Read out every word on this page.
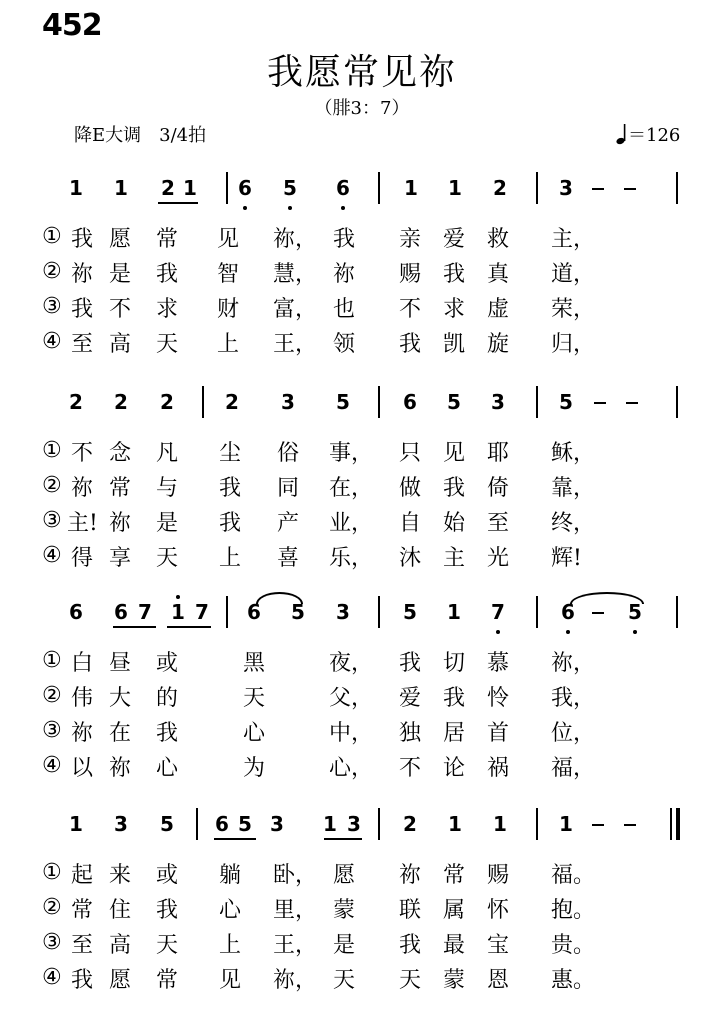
452
我愿常见祢
（腓3：7）
降E大调　3/4拍	＝126
1 1 2 1 6 5 6	1 1 2	3
① 我 愿 常 见 祢， 我 亲 爱 救 主，
② 祢 是 我 智 慧， 祢 赐 我 真 道，
③ 我 不 求 财 富， 也 不 求 虚 荣，
④ 至 高 天 上 王， 领 我 凯 旋 归，
2 2 2	2 3 5	6 5 3	5
① 不 念 凡 尘 俗 事， 只 见 耶 稣，
② 祢 常 与 我 同 在， 做 我 倚 靠，
③ 主! 祢 是 我 产 业， 自 始 至 终，
④ 得 享 天 上 喜 乐， 沐 主 光 辉!
6 6 7 1 7 6 5 3	5 1 7	6	5
① 白 昼 或	黑	夜， 我 切 慕 祢，
② 伟 大 的	天	父， 爱 我 怜 我，
③ 祢 在 我	心	中， 独 居 首 位，
④ 以 祢 心	为	心， 不 论 祸 福，
1 3 5 6 5 3 1 3 2 1 1	1
① 起 来 或 躺 卧， 愿 祢 常 赐 福。
② 常 住 我 心 里， 蒙 联 属 怀 抱。
③ 至 高 天 上 王， 是 我 最 宝 贵。
④ 我 愿 常 见 祢， 天 天 蒙 恩 惠。
